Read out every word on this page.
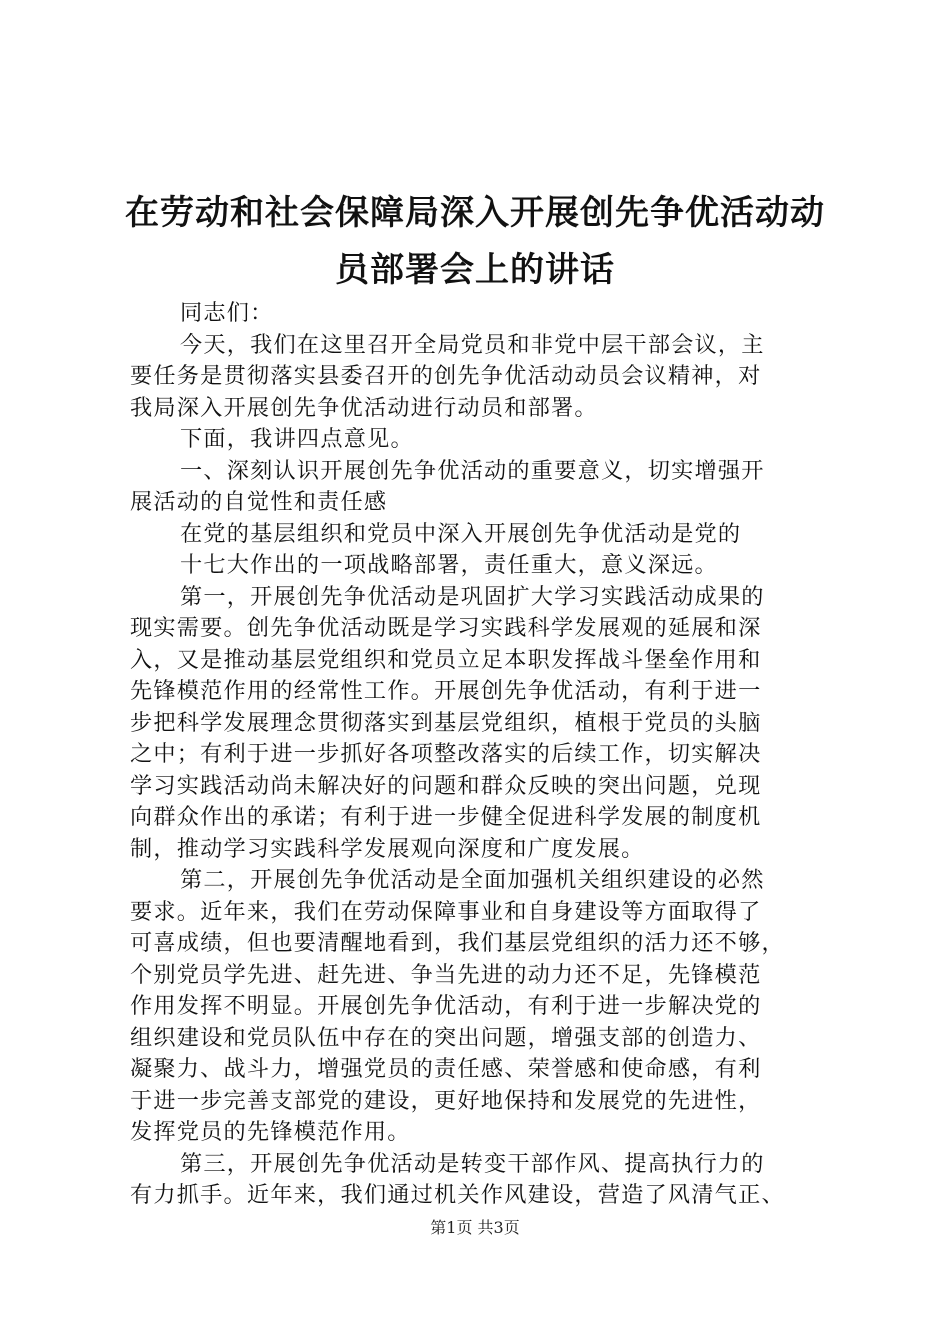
在劳动和社会保障局深入开展创先争优活动动
员部署会上的讲话
同志们：
今天，我们在这里召开全局党员和非党中层干部会议，主
要任务是贯彻落实县委召开的创先争优活动动员会议精神，对
我局深入开展创先争优活动进行动员和部署。
下面，我讲四点意见。
一、深刻认识开展创先争优活动的重要意义，切实增强开
展活动的自觉性和责任感
在党的基层组织和党员中深入开展创先争优活动是党的
十七大作出的一项战略部署，责任重大，意义深远。
第一，开展创先争优活动是巩固扩大学习实践活动成果的
现实需要。创先争优活动既是学习实践科学发展观的延展和深
入，又是推动基层党组织和党员立足本职发挥战斗堡垒作用和
先锋模范作用的经常性工作。开展创先争优活动，有利于进一
步把科学发展理念贯彻落实到基层党组织，植根于党员的头脑
之中；有利于进一步抓好各项整改落实的后续工作，切实解决
学习实践活动尚未解决好的问题和群众反映的突出问题，兑现
向群众作出的承诺；有利于进一步健全促进科学发展的制度机
制，推动学习实践科学发展观向深度和广度发展。
第二，开展创先争优活动是全面加强机关组织建设的必然
要求。近年来，我们在劳动保障事业和自身建设等方面取得了
可喜成绩，但也要清醒地看到，我们基层党组织的活力还不够，
个别党员学先进、赶先进、争当先进的动力还不足，先锋模范
作用发挥不明显。开展创先争优活动，有利于进一步解决党的
组织建设和党员队伍中存在的突出问题，增强支部的创造力、
凝聚力、战斗力，增强党员的责任感、荣誉感和使命感，有利
于进一步完善支部党的建设，更好地保持和发展党的先进性，
发挥党员的先锋模范作用。
第三，开展创先争优活动是转变干部作风、提高执行力的
有力抓手。近年来，我们通过机关作风建设，营造了风清气正、
第1页 共3页
